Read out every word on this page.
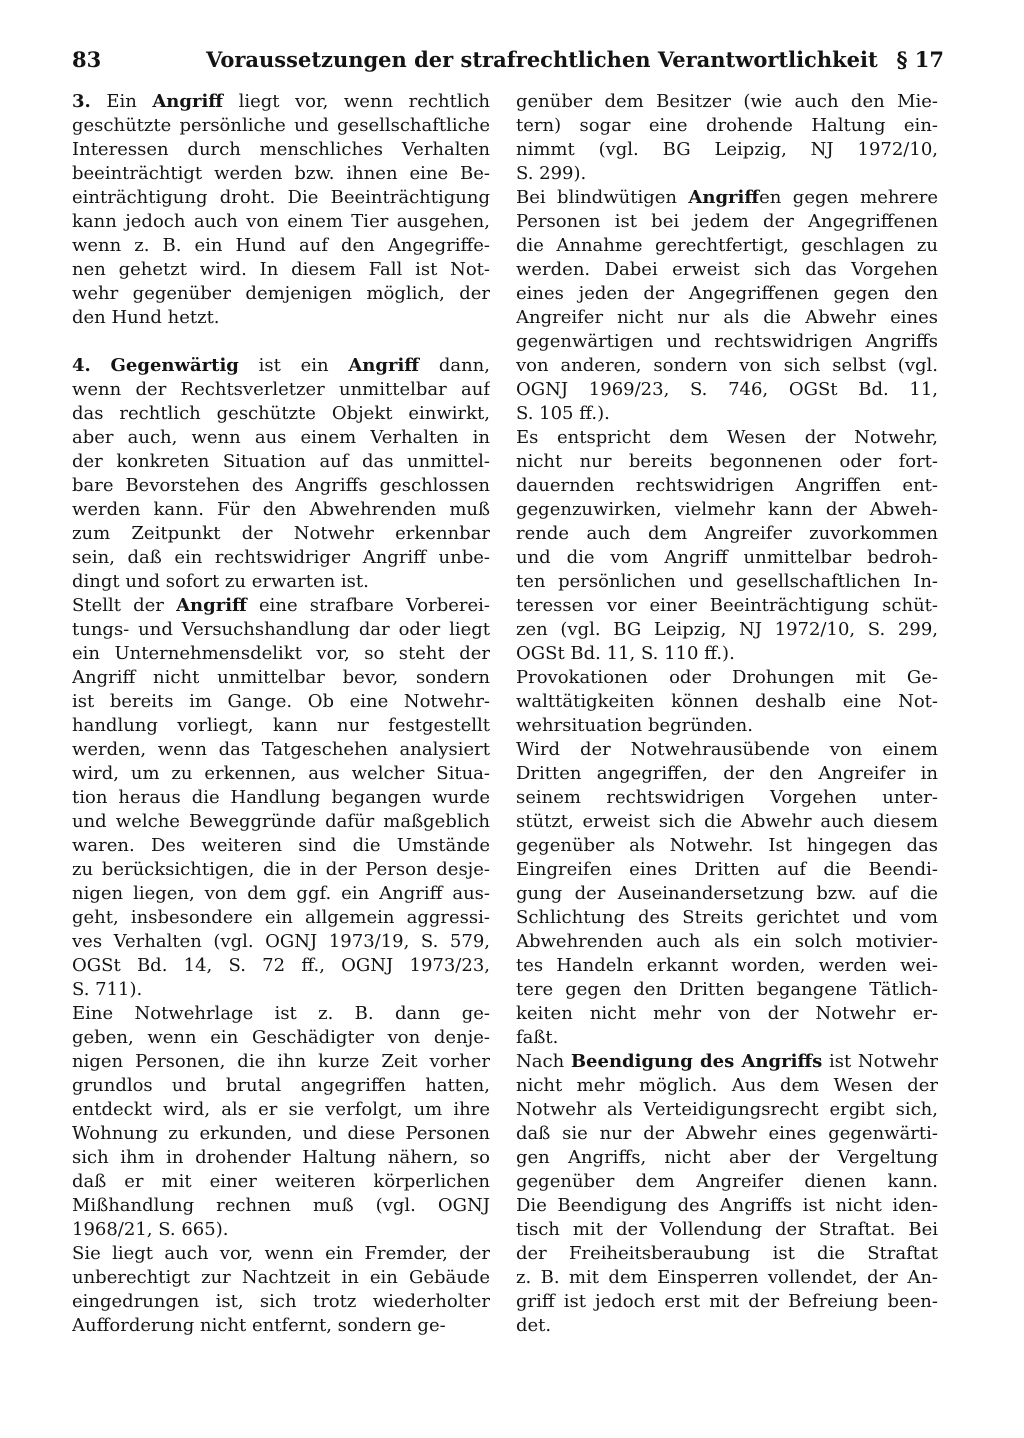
83	Voraussetzungen der strafrechtlichen Verantwortlichkeit § 17
3. Ein Angriff liegt vor, wenn rechtlich
geschützte persönliche und gesellschaftliche
Interessen durch menschliches Verhalten
beeinträchtigt werden bzw. ihnen eine Be-
einträchtigung droht. Die Beeinträchtigung
kann jedoch auch von einem Tier ausgehen,
wenn z. B. ein Hund auf den Angegriffe-
nen gehetzt wird. In diesem Fall ist Not-
wehr gegenüber demjenigen möglich, der
den Hund hetzt.
4. Gegenwärtig ist ein Angriff dann,
wenn der Rechtsverletzer unmittelbar auf
das rechtlich geschützte Objekt einwirkt,
aber auch, wenn aus einem Verhalten in
der konkreten Situation auf das unmittel-
bare Bevorstehen des Angriffs geschlossen
werden kann. Für den Abwehrenden muß
zum Zeitpunkt der Notwehr erkennbar
sein, daß ein rechtswidriger Angriff unbe-
dingt und sofort zu erwarten ist.
Stellt der Angriff eine strafbare Vorberei-
tungs- und Versuchshandlung dar oder liegt
ein Unternehmensdelikt vor, so steht der
Angriff nicht unmittelbar bevor, sondern
ist bereits im Gange. Ob eine Notwehr-
handlung vorliegt, kann nur festgestellt
werden, wenn das Tatgeschehen analysiert
wird, um zu erkennen, aus welcher Situa-
tion heraus die Handlung begangen wurde
und welche Beweggründe dafür maßgeblich
waren. Des weiteren sind die Umstände
zu berücksichtigen, die in der Person desje-
nigen liegen, von dem ggf. ein Angriff aus-
geht, insbesondere ein allgemein aggressi-
ves Verhalten (vgl. OGNJ 1973/19, S. 579,
OGSt Bd. 14, S. 72 ff., OGNJ 1973/23,
S. 711).
Eine Notwehrlage ist z. B. dann ge-
geben, wenn ein Geschädigter von denje-
nigen Personen, die ihn kurze Zeit vorher
grundlos und brutal angegriffen hatten,
entdeckt wird, als er sie verfolgt, um ihre
Wohnung zu erkunden, und diese Personen
sich ihm in drohender Haltung nähern, so
daß er mit einer weiteren körperlichen
Mißhandlung rechnen muß (vgl. OGNJ
1968/21, S. 665).
Sie liegt auch vor, wenn ein Fremder, der
unberechtigt zur Nachtzeit in ein Gebäude
eingedrungen ist, sich trotz wiederholter
Aufforderung nicht entfernt, sondern ge-
genüber dem Besitzer (wie auch den Mie-
tern) sogar eine drohende Haltung ein-
nimmt (vgl. BG Leipzig, NJ 1972/10,
S. 299).
Bei blindwütigen Angriffen gegen mehrere
Personen ist bei jedem der Angegriffenen
die Annahme gerechtfertigt, geschlagen zu
werden. Dabei erweist sich das Vorgehen
eines jeden der Angegriffenen gegen den
Angreifer nicht nur als die Abwehr eines
gegenwärtigen und rechtswidrigen Angriffs
von anderen, sondern von sich selbst (vgl.
OGNJ 1969/23, S. 746, OGSt Bd. 11,
S. 105 ff.).
Es entspricht dem Wesen der Notwehr,
nicht nur bereits begonnenen oder fort-
dauernden rechtswidrigen Angriffen ent-
gegenzuwirken, vielmehr kann der Abweh-
rende auch dem Angreifer zuvorkommen
und die vom Angriff unmittelbar bedroh-
ten persönlichen und gesellschaftlichen In-
teressen vor einer Beeinträchtigung schüt-
zen (vgl. BG Leipzig, NJ 1972/10, S. 299,
OGSt Bd. 11, S. 110 ff.).
Provokationen oder Drohungen mit Ge-
walttätigkeiten können deshalb eine Not-
wehrsituation begründen.
Wird der Notwehrausübende von einem
Dritten angegriffen, der den Angreifer in
seinem rechtswidrigen Vorgehen unter-
stützt, erweist sich die Abwehr auch diesem
gegenüber als Notwehr. Ist hingegen das
Eingreifen eines Dritten auf die Beendi-
gung der Auseinandersetzung bzw. auf die
Schlichtung des Streits gerichtet und vom
Abwehrenden auch als ein solch motivier-
tes Handeln erkannt worden, werden wei-
tere gegen den Dritten begangene Tätlich-
keiten nicht mehr von der Notwehr er-
faßt.
Nach Beendigung des Angriffs ist Notwehr
nicht mehr möglich. Aus dem Wesen der
Notwehr als Verteidigungsrecht ergibt sich,
daß sie nur der Abwehr eines gegenwärti-
gen Angriffs, nicht aber der Vergeltung
gegenüber dem Angreifer dienen kann.
Die Beendigung des Angriffs ist nicht iden-
tisch mit der Vollendung der Straftat. Bei
der Freiheitsberaubung ist die Straftat
z. B. mit dem Einsperren vollendet, der An-
griff ist jedoch erst mit der Befreiung been-
det.
